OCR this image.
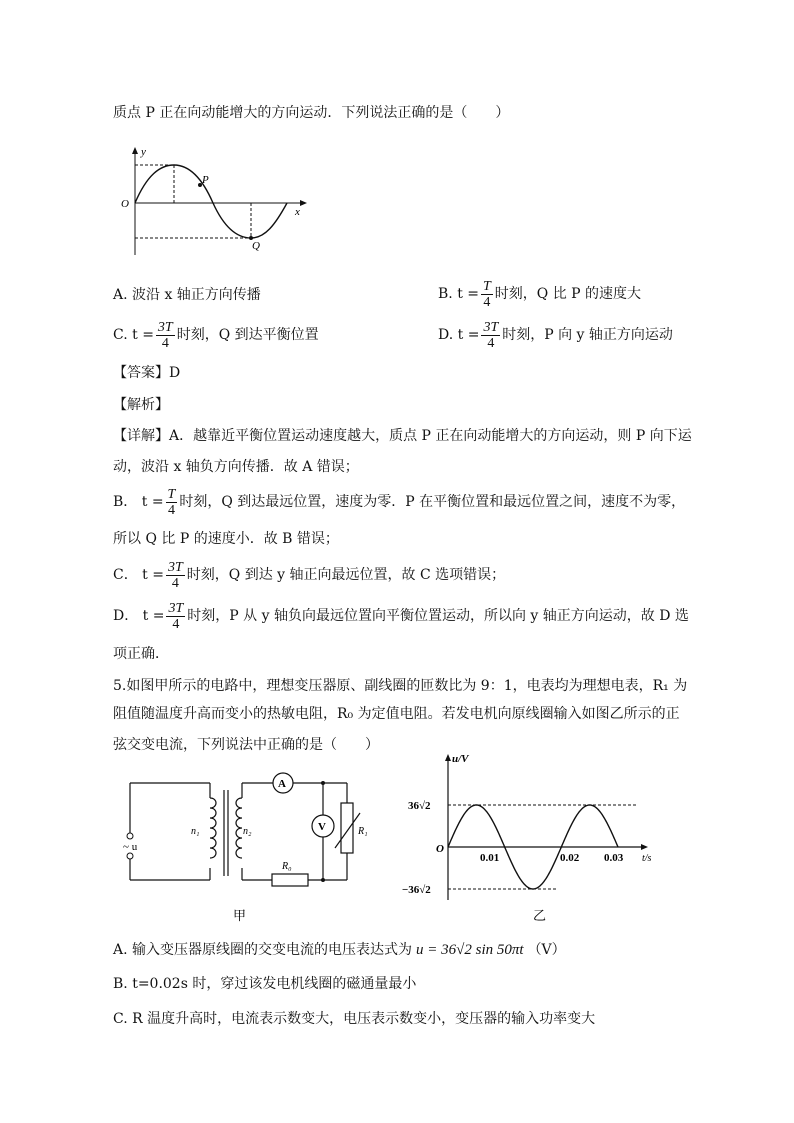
质点 P 正在向动能增大的方向运动．下列说法正确的是（　　）
y
x
O
P
Q
A. 波沿 x 轴正方向传播	B. $t = \frac{T}{4}$ 时刻，Q 比 P 的速度大
C. $t = \frac{3T}{4}$ 时刻，Q 到达平衡位置	D. $t = \frac{3T}{4}$ 时刻，P 向 y 轴正方向运动
【答案】D
【解析】
【详解】A．越靠近平衡位置运动速度越大，质点 P 正在向动能增大的方向运动，则 P 向下运
动，波沿 x 轴负方向传播．故 A 错误；
B． $t = \frac{T}{4}$ 时刻，Q 到达最远位置，速度为零．P 在平衡位置和最远位置之间，速度不为零，
所以 Q 比 P 的速度小．故 B 错误；
C． $t = \frac{3T}{4}$ 时刻，Q 到达 y 轴正向最远位置，故 C 选项错误；
D． $t = \frac{3T}{4}$ 时刻，P 从 y 轴负向最远位置向平衡位置运动，所以向 y 轴正方向运动，故 D 选
项正确．
5.如图甲所示的电路中，理想变压器原、副线圈的匝数比为 9：1，电表均为理想电表，R₁ 为
阻值随温度升高而变小的热敏电阻，R₀ 为定值电阻。若发电机向原线圈输入如图乙所示的正
弦交变电流，下列说法中正确的是（　　）
~ u
n₁	n₂
A
V	R₁
R₀
甲
u/V
36√2
−36√2
O
0.01	0.02 0.03 t/s
乙
A. 输入变压器原线圈的交变电流的电压表达式为 u = 36√2 sin 50πt （V）
B. t=0.02s 时，穿过该发电机线圈的磁通量最小
C. R 温度升高时，电流表示数变大，电压表示数变小，变压器的输入功率变大
